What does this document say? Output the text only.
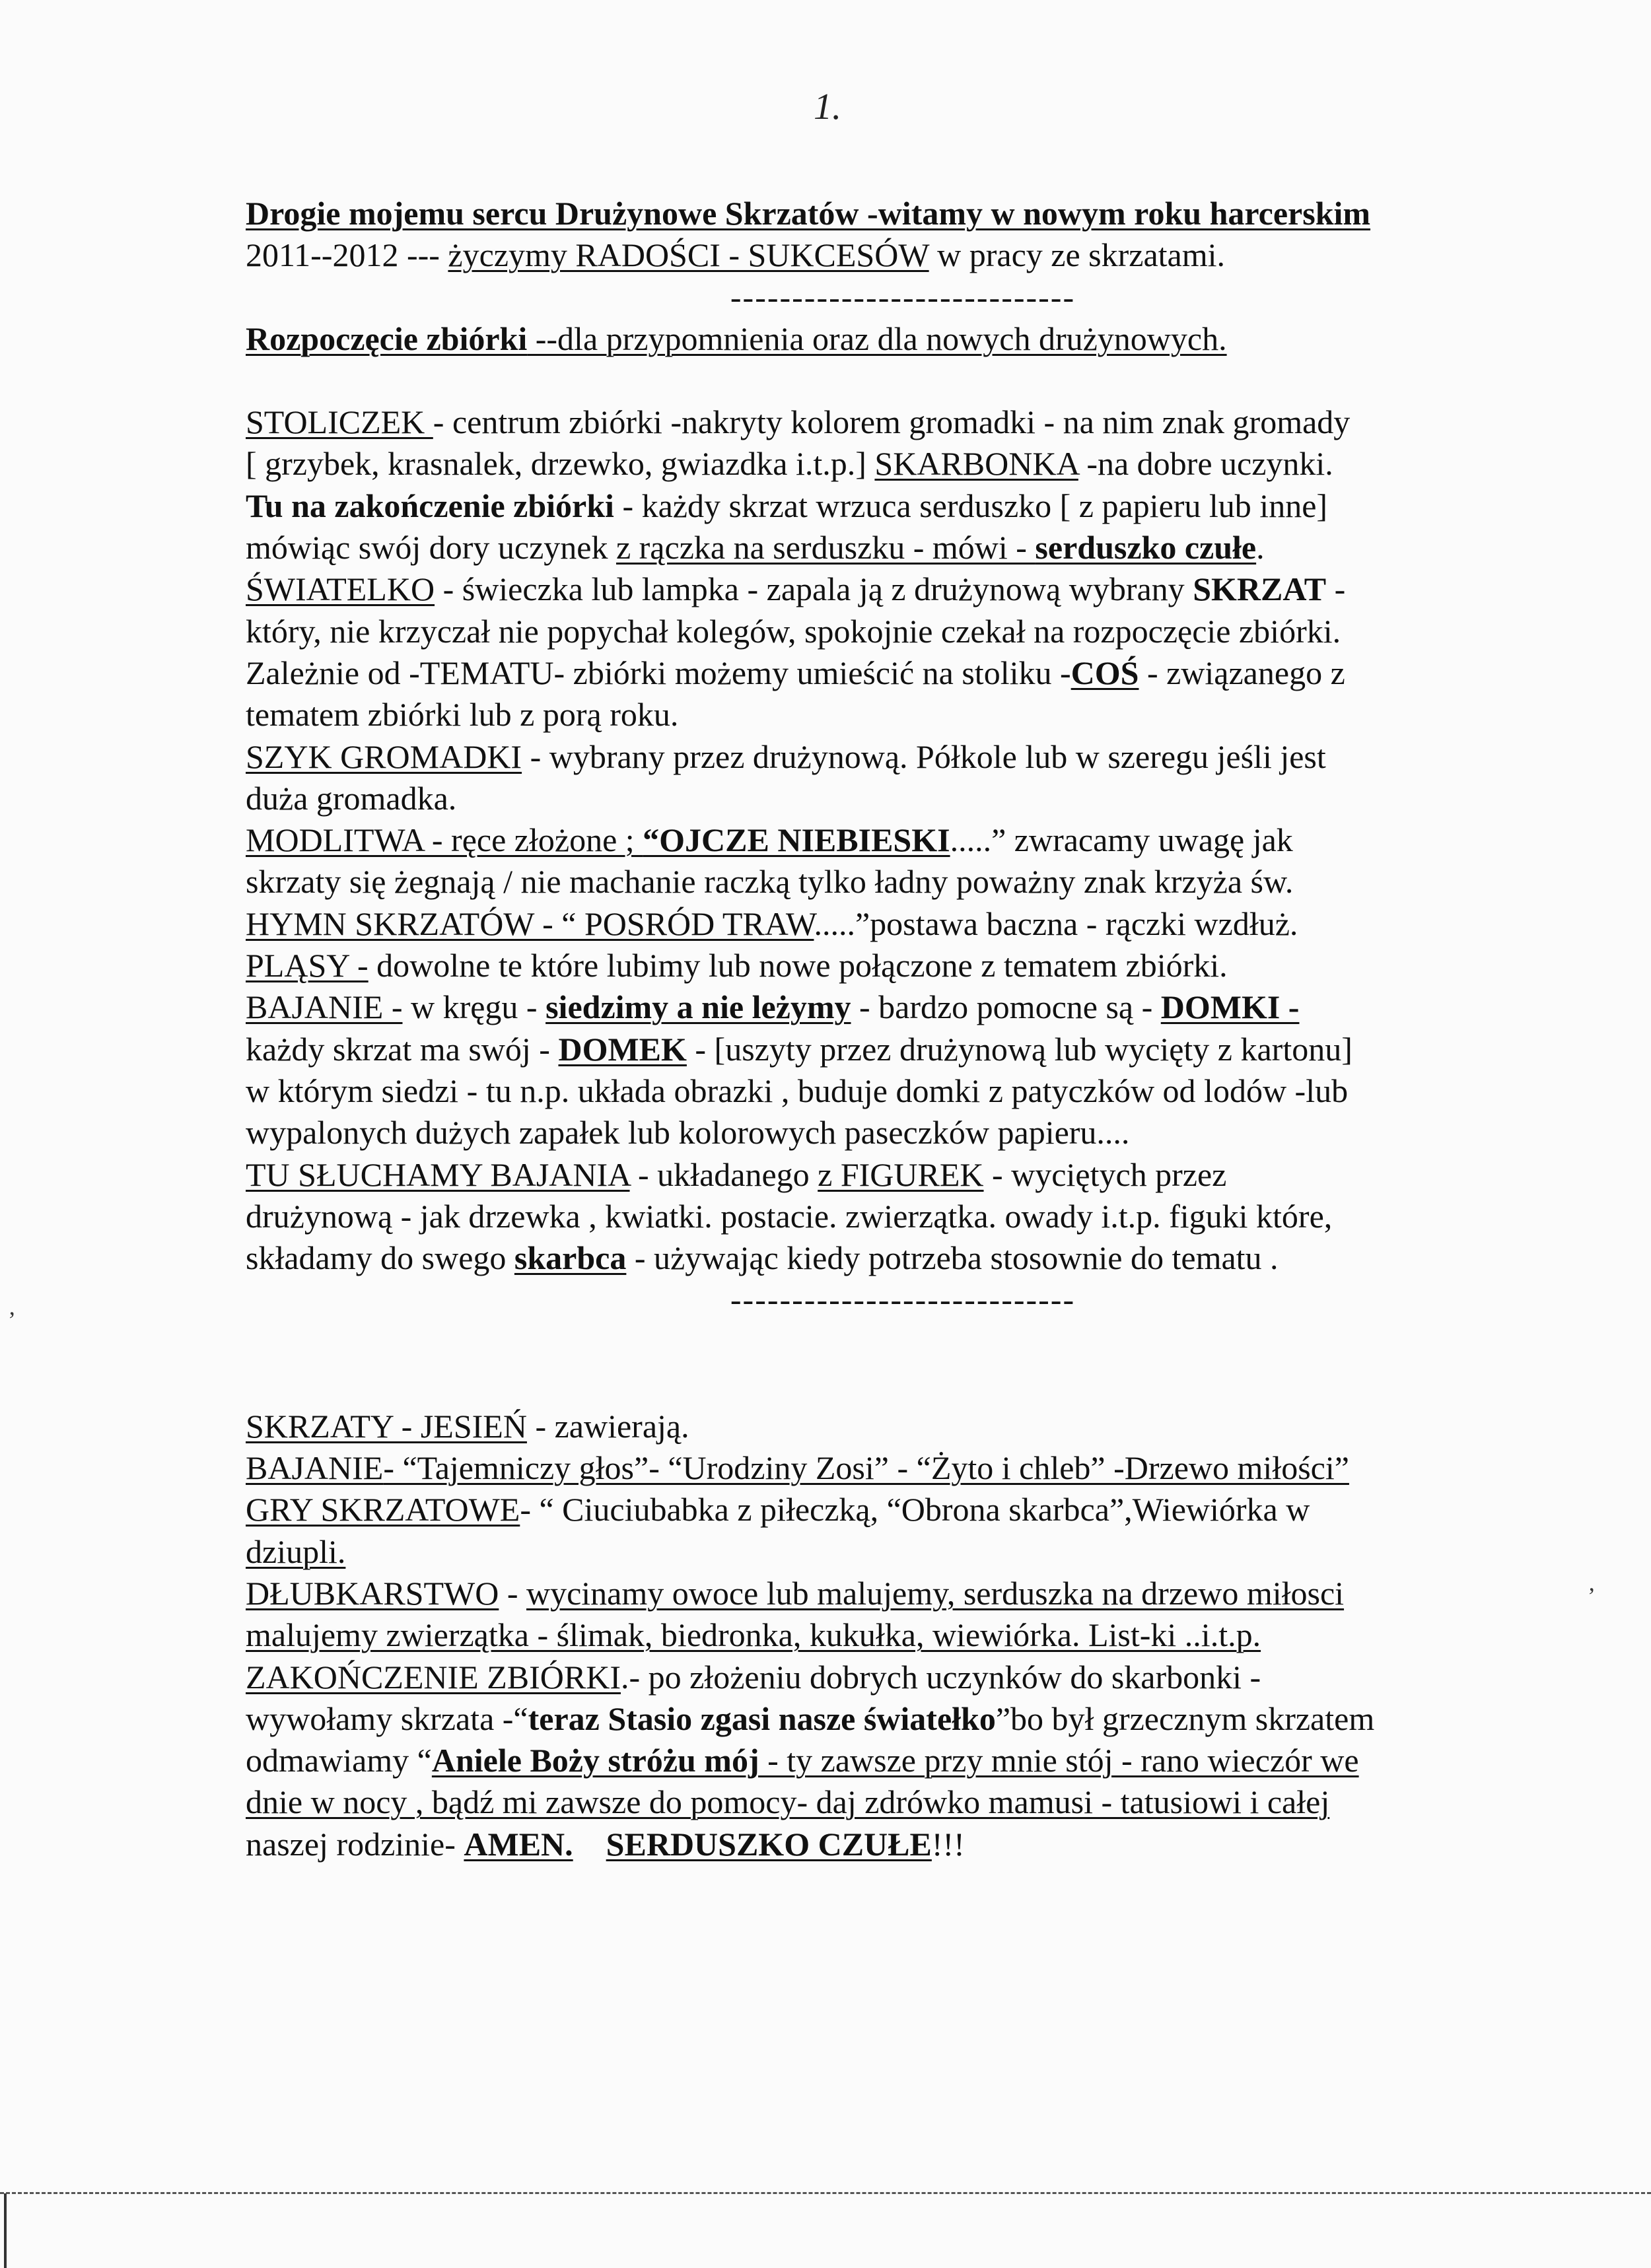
1.
Drogie mojemu sercu Drużynowe Skrzatów -witamy w nowym roku harcerskim
2011--2012 --- życzymy RADOŚCI - SUKCESÓW w pracy ze skrzatami.
----------------------------
Rozpoczęcie zbiórki --dla przypomnienia oraz dla nowych drużynowych.
STOLICZEK - centrum zbiórki -nakryty kolorem gromadki - na nim znak gromady
[ grzybek, krasnalek, drzewko, gwiazdka i.t.p.] SKARBONKA -na dobre uczynki.
Tu na zakończenie zbiórki - każdy skrzat wrzuca serduszko [ z papieru lub inne]
mówiąc swój dory uczynek z rączka na serduszku - mówi - serduszko czułe.
ŚWIATELKO - świeczka lub lampka - zapala ją z drużynową wybrany SKRZAT -
który, nie krzyczał nie popychał kolegów, spokojnie czekał na rozpoczęcie zbiórki.
Zależnie od -TEMATU- zbiórki możemy umieścić na stoliku -COŚ - związanego z
tematem zbiórki lub z porą roku.
SZYK GROMADKI - wybrany przez drużynową. Półkole lub w szeregu jeśli jest
duża gromadka.
MODLITWA - ręce złożone ; “OJCZE NIEBIESKI.....” zwracamy uwagę jak
skrzaty się żegnają / nie machanie raczką tylko ładny poważny znak krzyża św.
HYMN SKRZATÓW - “ POSRÓD TRAW.....”postawa baczna - rączki wzdłuż.
PLĄSY - dowolne te które lubimy lub nowe połączone z tematem zbiórki.
BAJANIE - w kręgu - siedzimy a nie leżymy - bardzo pomocne są - DOMKI -
każdy skrzat ma swój - DOMEK - [uszyty przez drużynową lub wycięty z kartonu]
w którym siedzi - tu n.p. układa obrazki , buduje domki z patyczków od lodów -lub
wypalonych dużych zapałek lub kolorowych paseczków papieru....
TU SŁUCHAMY BAJANIA - układanego z FIGUREK - wyciętych przez
drużynową - jak drzewka , kwiatki. postacie. zwierzątka. owady i.t.p. figuki które,
składamy do swego skarbca - używając kiedy potrzeba stosownie do tematu .
----------------------------
SKRZATY - JESIEŃ - zawierają.
BAJANIE- “Tajemniczy głos”- “Urodziny Zosi” - “Żyto i chleb” -Drzewo miłości”
GRY SKRZATOWE- “ Ciuciubabka z piłeczką, “Obrona skarbca”,Wiewiórka w
dziupli.
DŁUBKARSTWO - wycinamy owoce lub malujemy, serduszka na drzewo miłosci
malujemy zwierzątka - ślimak, biedronka, kukułka, wiewiórka. List-ki ..i.t.p.
ZAKOŃCZENIE ZBIÓRKI.- po złożeniu dobrych uczynków do skarbonki -
wywołamy skrzata -“teraz Stasio zgasi nasze światełko”bo był grzecznym skrzatem
odmawiamy “Aniele Boży stróżu mój - ty zawsze przy mnie stój - rano wieczór we
dnie w nocy , bądź mi zawsze do pomocy- daj zdrówko mamusi - tatusiowi i całej
naszej rodzinie- AMEN. SERDUSZKO CZUŁE!!!
’
’
